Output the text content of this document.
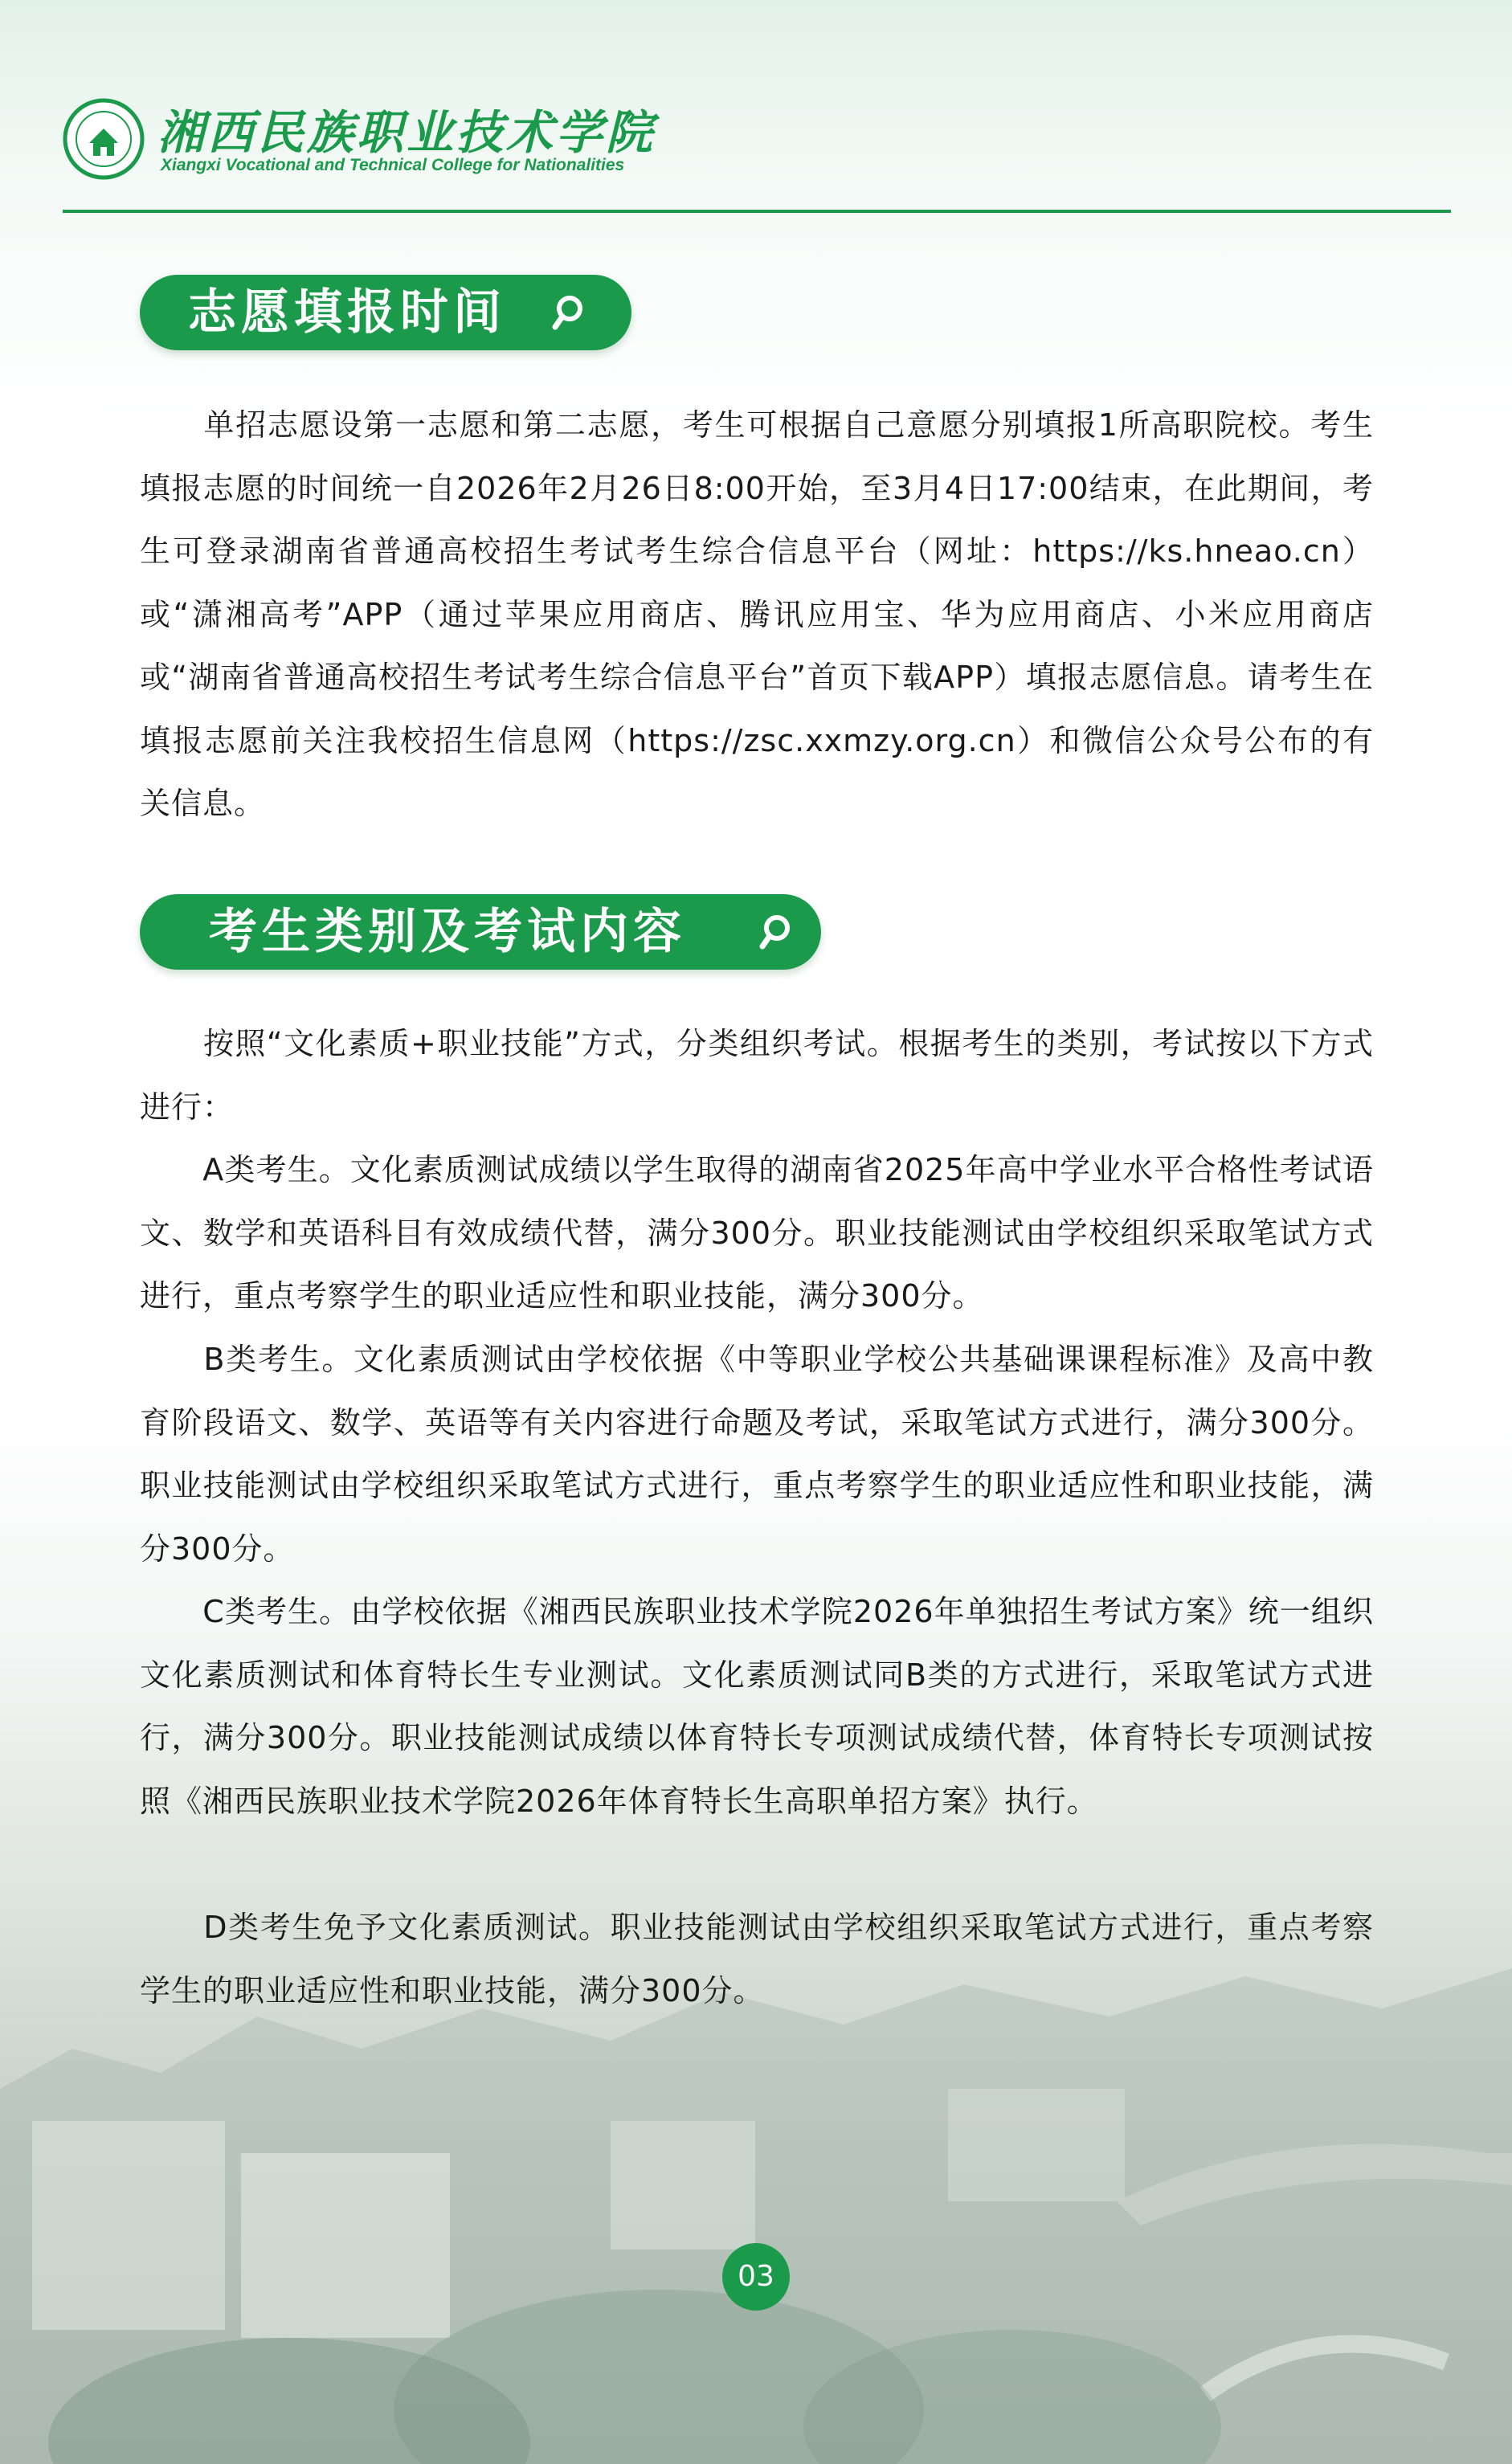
湘西民族职业技术学院
Xiangxi Vocational and Technical College for Nationalities
志愿填报时间

　　单招志愿设第一志愿和第二志愿，考生可根据自己意愿分别填报1所高职院校。考生填报志愿的时间统一自2026年2月26日8:00开始，至3月4日17:00结束，在此期间，考生可登录湖南省普通高校招生考试考生综合信息平台（网址：https://ks.hneao.cn）或“潇湘高考”APP（通过苹果应用商店、腾讯应用宝、华为应用商店、小米应用商店或“湖南省普通高校招生考试考生综合信息平台”首页下载APP）填报志愿信息。请考生在填报志愿前关注我校招生信息网（https://zsc.xxmzy.org.cn）和微信公众号公布的有关信息。

考生类别及考试内容

　　按照“文化素质+职业技能”方式，分类组织考试。根据考生的类别，考试按以下方式进行：

　　A类考生。文化素质测试成绩以学生取得的湖南省2025年高中学业水平合格性考试语文、数学和英语科目有效成绩代替，满分300分。职业技能测试由学校组织采取笔试方式进行，重点考察学生的职业适应性和职业技能，满分300分。

　　B类考生。文化素质测试由学校依据《中等职业学校公共基础课课程标准》及高中教育阶段语文、数学、英语等有关内容进行命题及考试，采取笔试方式进行，满分300分。职业技能测试由学校组织采取笔试方式进行，重点考察学生的职业适应性和职业技能，满分300分。

　　C类考生。由学校依据《湘西民族职业技术学院2026年单独招生考试方案》统一组织文化素质测试和体育特长生专业测试。文化素质测试同B类的方式进行，采取笔试方式进行，满分300分。职业技能测试成绩以体育特长专项测试成绩代替，体育特长专项测试按照《湘西民族职业技术学院2026年体育特长生高职单招方案》执行。

　　D类考生免予文化素质测试。职业技能测试由学校组织采取笔试方式进行，重点考察学生的职业适应性和职业技能，满分300分。

03
